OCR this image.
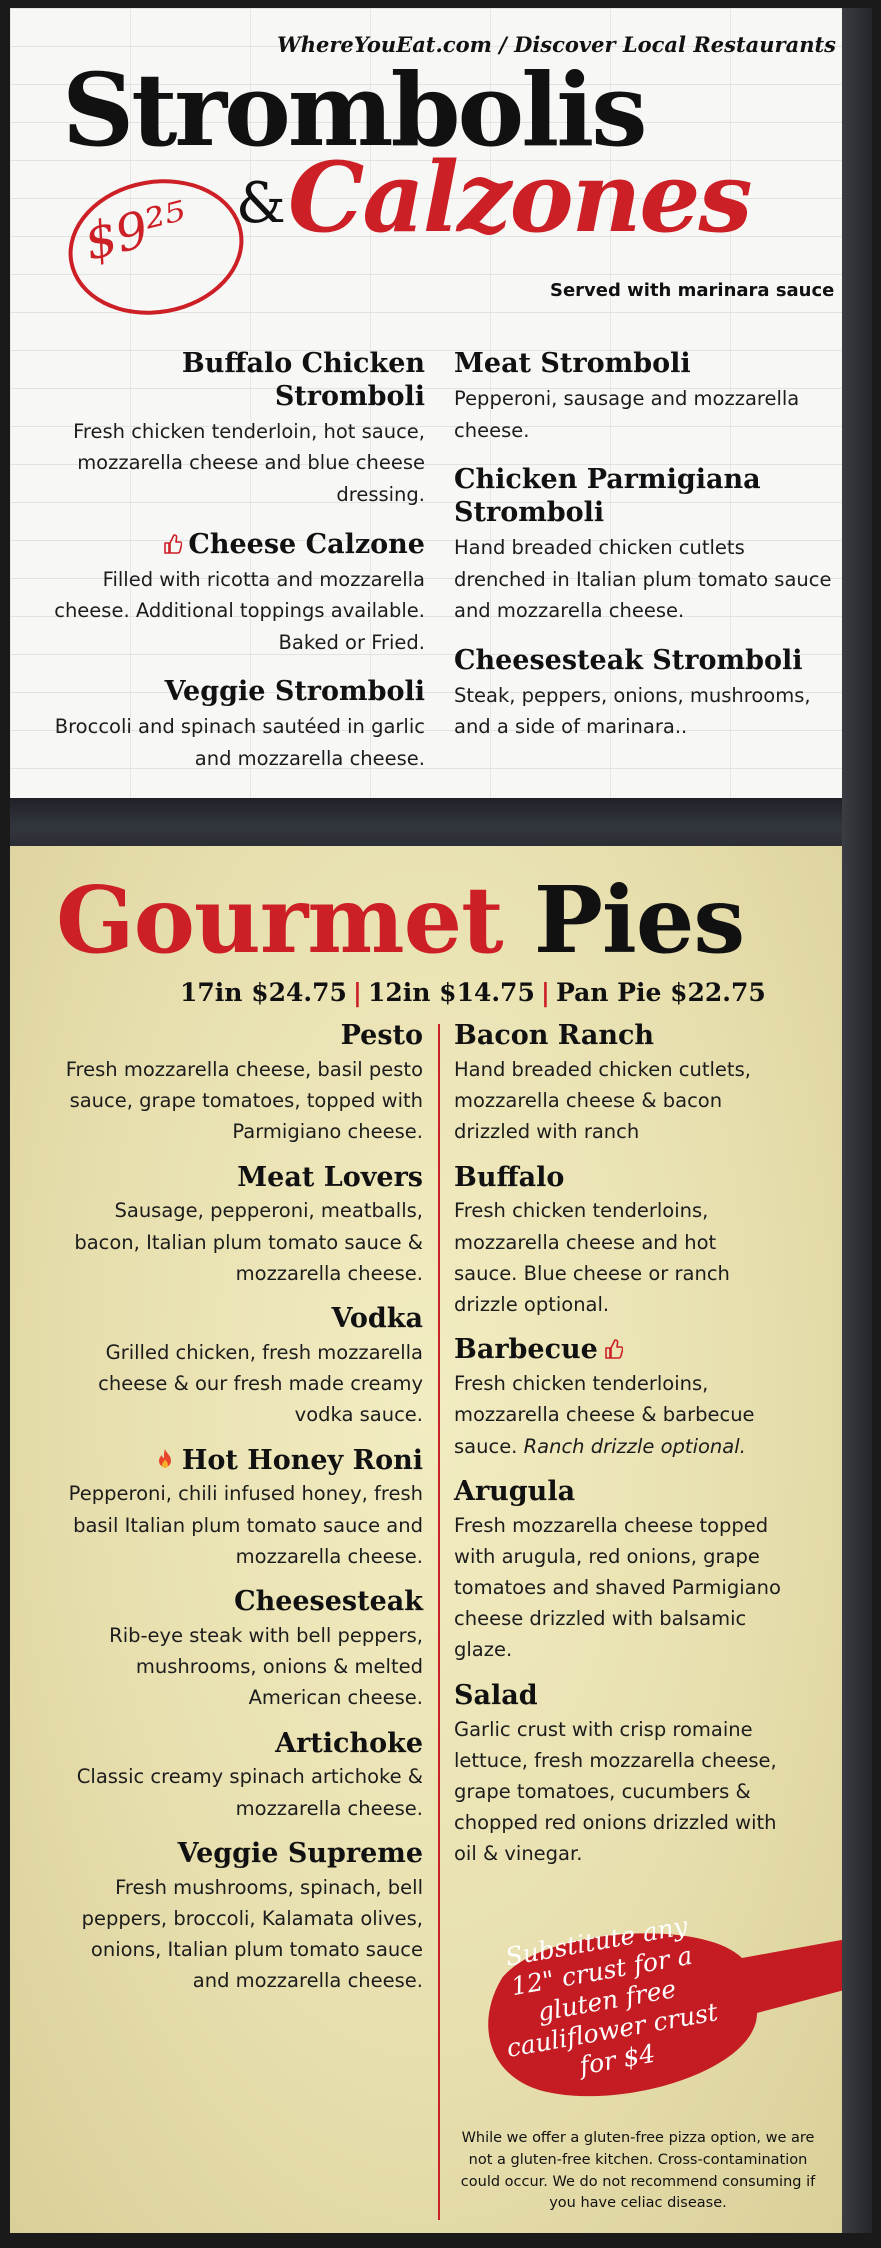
WhereYouEat.com / Discover Local Restaurants

Strombolis

$9²⁵ & Calzones

Served with marinara sauce

Buffalo Chicken Stromboli

Fresh chicken tenderloin, hot sauce, mozzarella cheese and blue cheese dressing.

Cheese Calzone

Filled with ricotta and mozzarella cheese. Additional toppings available. Baked or Fried.

Veggie Stromboli

Broccoli and spinach sautéed in garlic and mozzarella cheese.

Meat Stromboli

Pepperoni, sausage and mozzarella cheese.

Chicken Parmigiana Stromboli

Hand breaded chicken cutlets drenched in Italian plum tomato sauce and mozzarella cheese.

Cheesesteak Stromboli

Steak, peppers, onions, mushrooms, and a side of marinara..

Gourmet Pies

17in $24.75 | 12in $14.75 | Pan Pie $22.75

Pesto

Fresh mozzarella cheese, basil pesto sauce, grape tomatoes, topped with Parmigiano cheese.

Meat Lovers

Sausage, pepperoni, meatballs, bacon, Italian plum tomato sauce & mozzarella cheese.

Vodka

Grilled chicken, fresh mozzarella cheese & our fresh made creamy vodka sauce.

Hot Honey Roni

Pepperoni, chili infused honey, fresh basil Italian plum tomato sauce and mozzarella cheese.

Cheesesteak

Rib-eye steak with bell peppers, mushrooms, onions & melted American cheese.

Artichoke

Classic creamy spinach artichoke & mozzarella cheese.

Veggie Supreme

Fresh mushrooms, spinach, bell peppers, broccoli, Kalamata olives, onions, Italian plum tomato sauce and mozzarella cheese.

Bacon Ranch

Hand breaded chicken cutlets, mozzarella cheese & bacon drizzled with ranch

Buffalo

Fresh chicken tenderloins, mozzarella cheese and hot sauce. Blue cheese or ranch drizzle optional.

Barbecue

Fresh chicken tenderloins, mozzarella cheese & barbecue sauce. Ranch drizzle optional.

Arugula

Fresh mozzarella cheese topped with arugula, red onions, grape tomatoes and shaved Parmigiano cheese drizzled with balsamic glaze.

Salad

Garlic crust with crisp romaine lettuce, fresh mozzarella cheese, grape tomatoes, cucumbers & chopped red onions drizzled with oil & vinegar.

Substitute any 12" crust for a gluten free cauliflower crust for $4

While we offer a gluten-free pizza option, we are not a gluten-free kitchen. Cross-contamination could occur. We do not recommend consuming if you have celiac disease.
